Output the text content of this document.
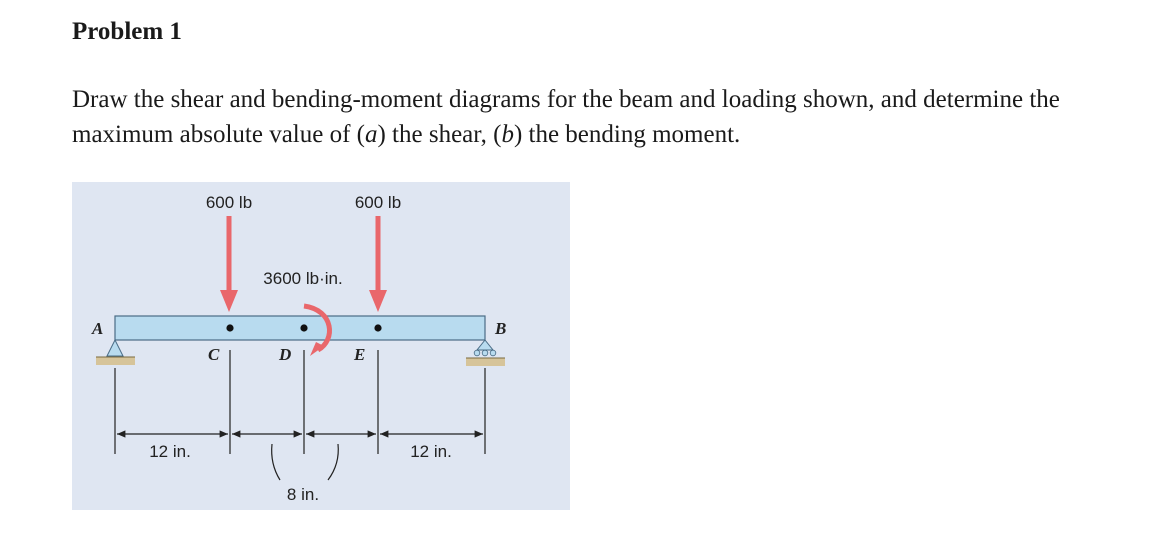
Problem 1

Draw the shear and bending-moment diagrams for the beam and loading shown, and determine the maximum absolute value of (a) the shear, (b) the bending moment.

600 lb	600 lb
3600 lb·in.
A	B
C	D	E
12 in.	12 in.
8 in.
